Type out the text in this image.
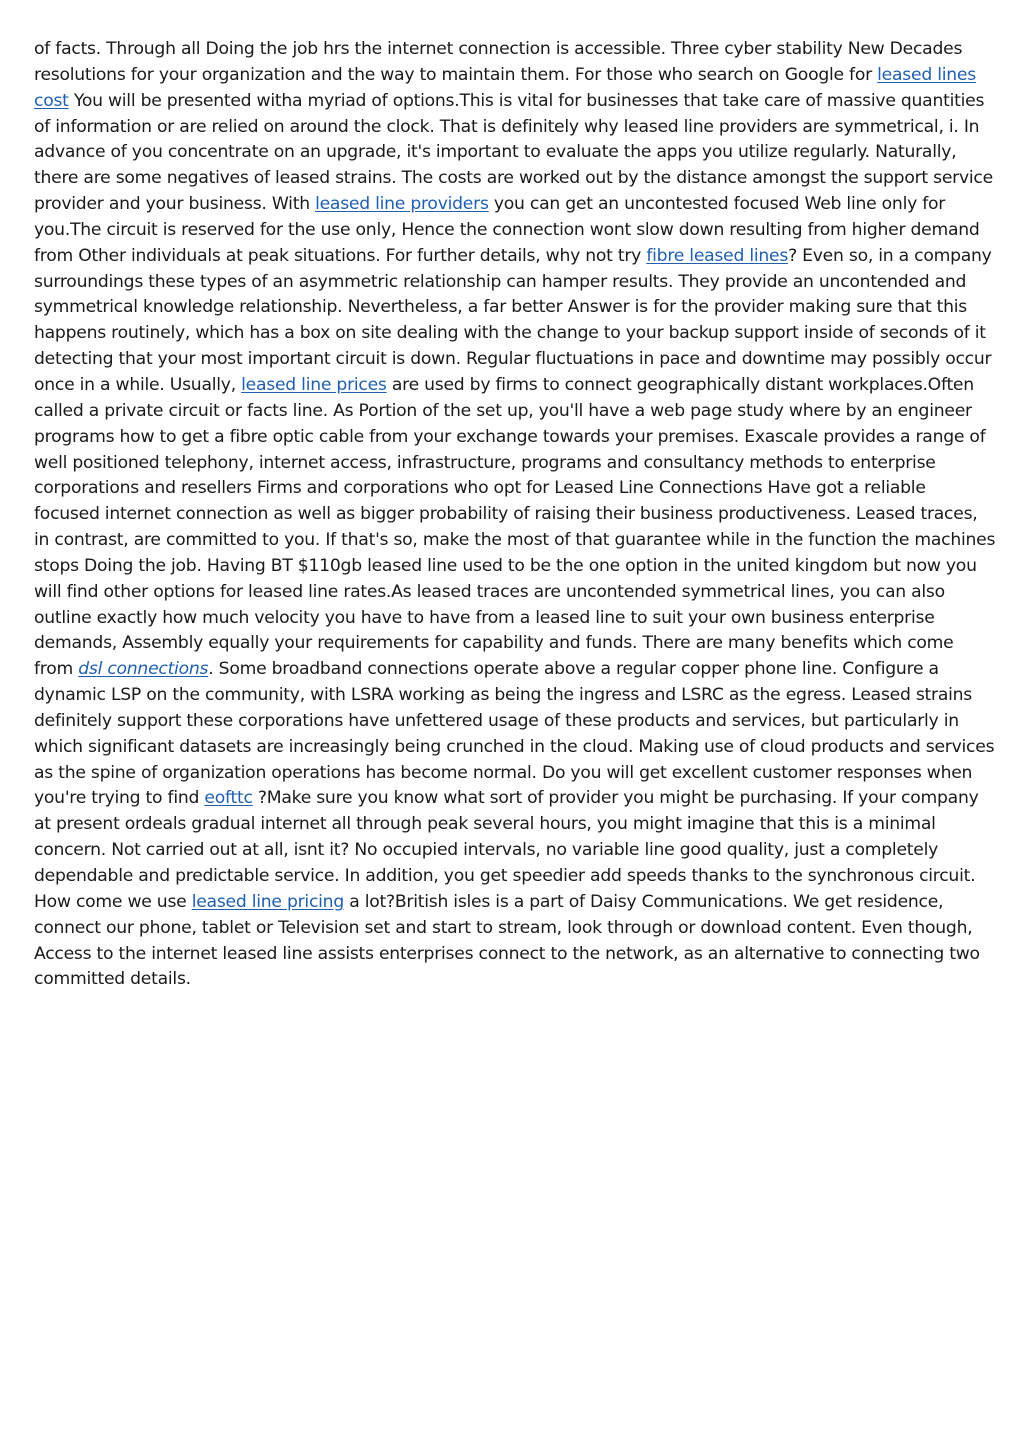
of facts. Through all Doing the job hrs the internet connection is accessible. Three cyber stability New Decades resolutions for your organization and the way to maintain them. For those who search on Google for leased lines cost You will be presented witha myriad of options.This is vital for businesses that take care of massive quantities of information or are relied on around the clock. That is definitely why leased line providers are symmetrical, i. In advance of you concentrate on an upgrade, it's important to evaluate the apps you utilize regularly. Naturally, there are some negatives of leased strains. The costs are worked out by the distance amongst the support service provider and your business. With leased line providers you can get an uncontested focused Web line only for you.The circuit is reserved for the use only, Hence the connection wont slow down resulting from higher demand from Other individuals at peak situations. For further details, why not try fibre leased lines? Even so, in a company surroundings these types of an asymmetric relationship can hamper results. They provide an uncontended and symmetrical knowledge relationship. Nevertheless, a far better Answer is for the provider making sure that this happens routinely, which has a box on site dealing with the change to your backup support inside of seconds of it detecting that your most important circuit is down. Regular fluctuations in pace and downtime may possibly occur once in a while. Usually, leased line prices are used by firms to connect geographically distant workplaces.Often called a private circuit or facts line. As Portion of the set up, you'll have a web page study where by an engineer programs how to get a fibre optic cable from your exchange towards your premises. Exascale provides a range of well positioned telephony, internet access, infrastructure, programs and consultancy methods to enterprise corporations and resellers Firms and corporations who opt for Leased Line Connections Have got a reliable focused internet connection as well as bigger probability of raising their business productiveness. Leased traces, in contrast, are committed to you. If that's so, make the most of that guarantee while in the function the machines stops Doing the job. Having BT $110gb leased line used to be the one option in the united kingdom but now you will find other options for leased line rates.As leased traces are uncontended symmetrical lines, you can also outline exactly how much velocity you have to have from a leased line to suit your own business enterprise demands, Assembly equally your requirements for capability and funds. There are many benefits which come from dsl connections. Some broadband connections operate above a regular copper phone line. Configure a dynamic LSP on the community, with LSRA working as being the ingress and LSRC as the egress. Leased strains definitely support these corporations have unfettered usage of these products and services, but particularly in which significant datasets are increasingly being crunched in the cloud. Making use of cloud products and services as the spine of organization operations has become normal. Do you will get excellent customer responses when you're trying to find eofttc ?Make sure you know what sort of provider you might be purchasing. If your company at present ordeals gradual internet all through peak several hours, you might imagine that this is a minimal concern. Not carried out at all, isnt it? No occupied intervals, no variable line good quality, just a completely dependable and predictable service. In addition, you get speedier add speeds thanks to the synchronous circuit. How come we use leased line pricing a lot?British isles is a part of Daisy Communications. We get residence, connect our phone, tablet or Television set and start to stream, look through or download content. Even though, Access to the internet leased line assists enterprises connect to the network, as an alternative to connecting two committed details.
